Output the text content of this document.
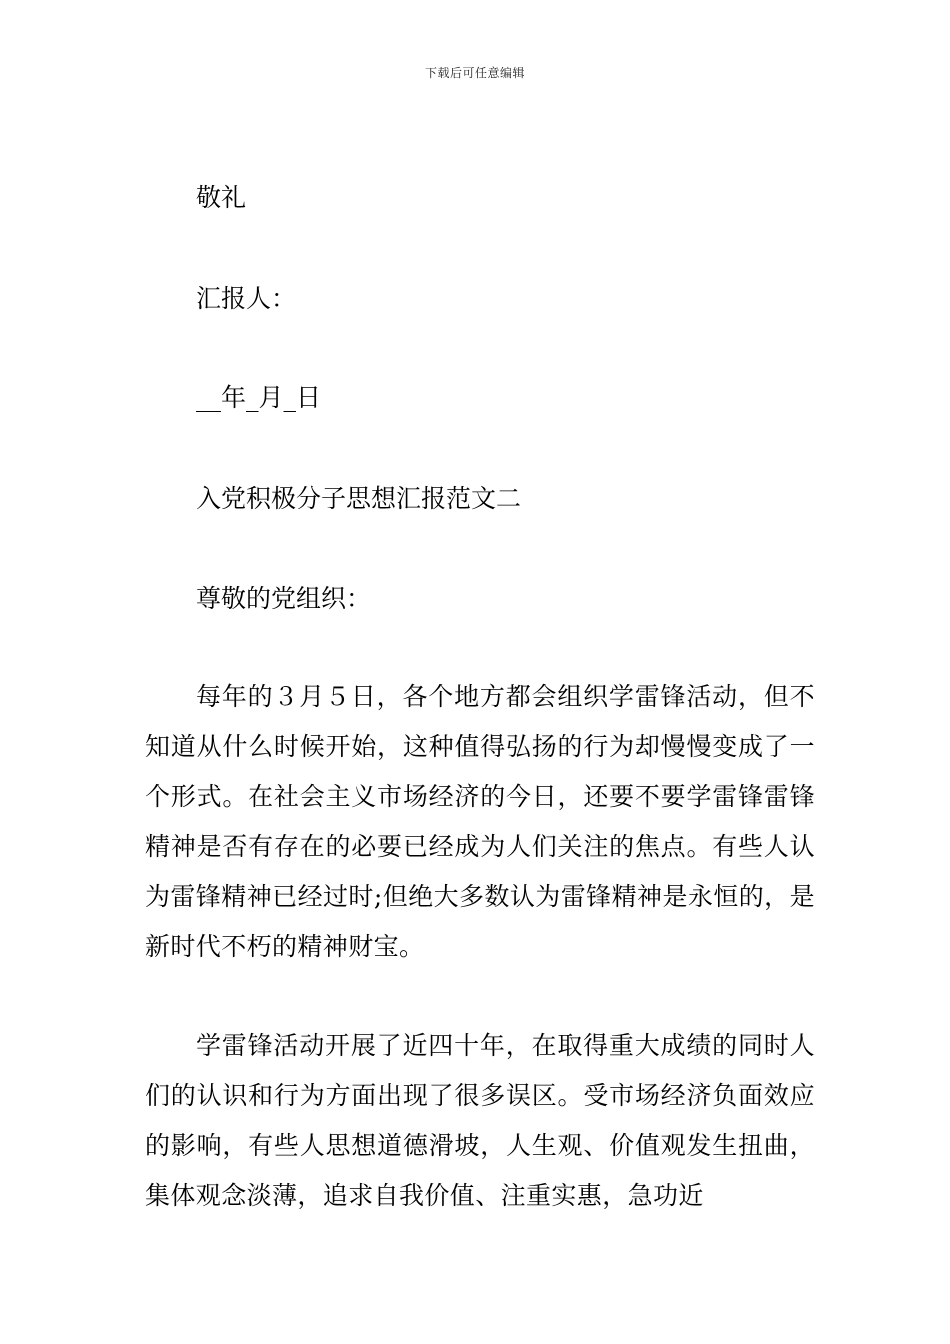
下载后可任意编辑
敬礼
汇报人：
__年_月_日
入党积极分子思想汇报范文二
尊敬的党组织：

每年的３月５日，各个地方都会组织学雷锋活动，但不知道从什么时候开始，这种值得弘扬的行为却慢慢变成了一个形式。在社会主义市场经济的今日，还要不要学雷锋雷锋精神是否有存在的必要已经成为人们关注的焦点。有些人认为雷锋精神已经过时;但绝大多数认为雷锋精神是永恒的，是新时代不朽的精神财宝。

学雷锋活动开展了近四十年，在取得重大成绩的同时人们的认识和行为方面出现了很多误区。受市场经济负面效应的影响，有些人思想道德滑坡，人生观、价值观发生扭曲，集体观念淡薄，追求自我价值、注重实惠，急功近
